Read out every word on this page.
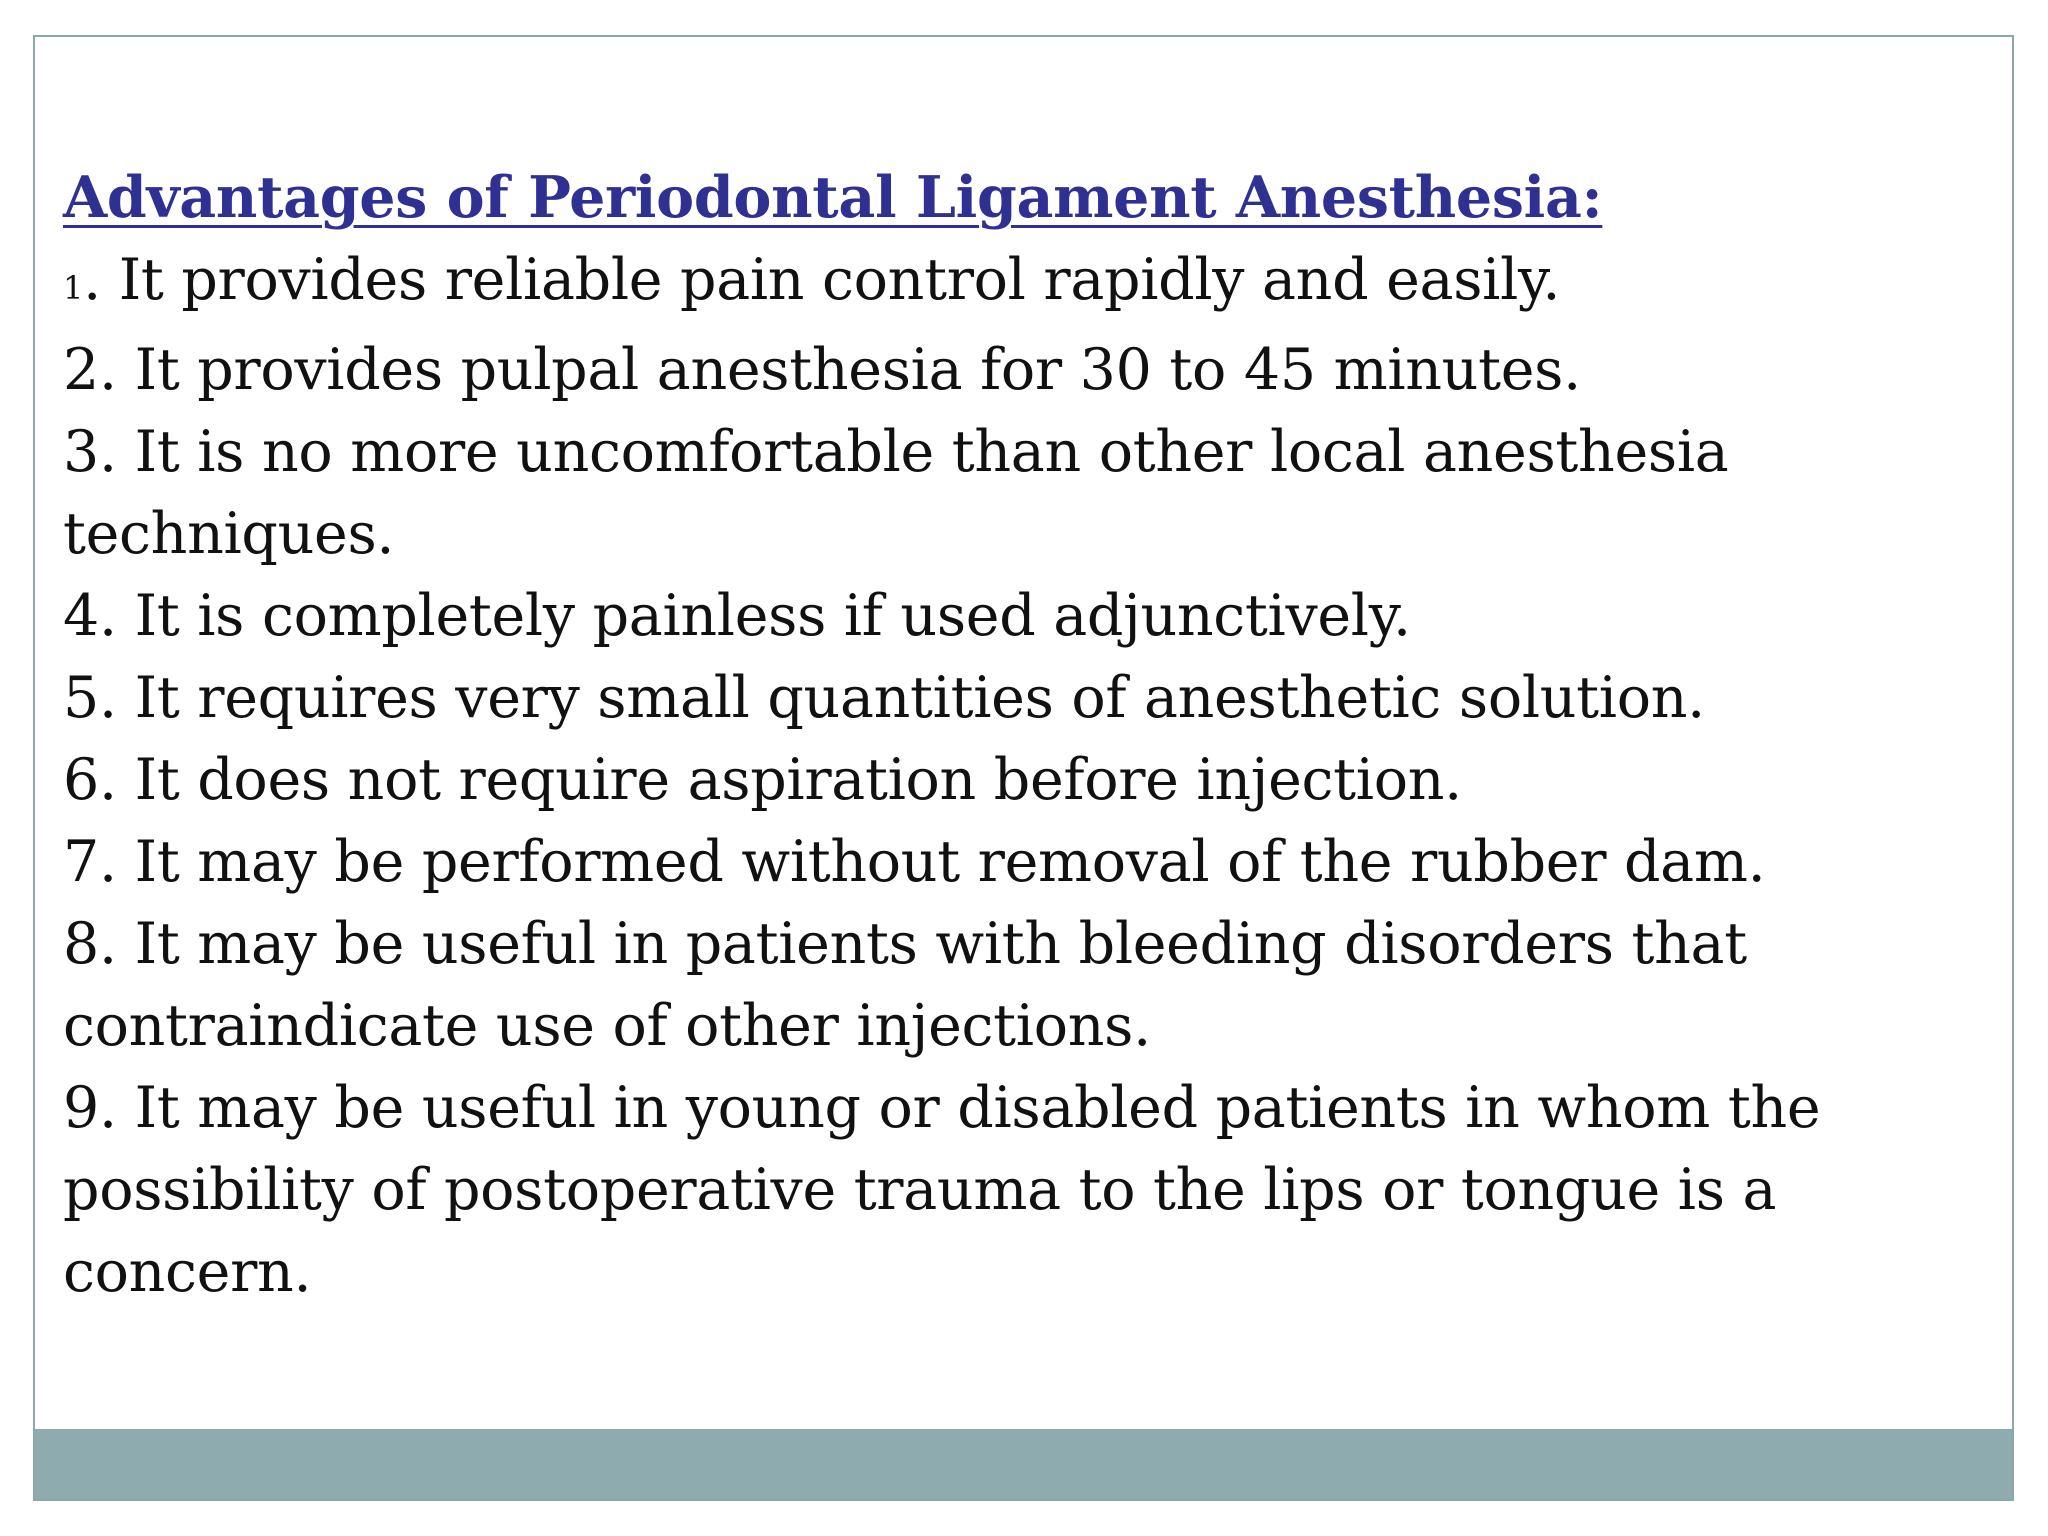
Advantages of Periodontal Ligament Anesthesia:

1. It provides reliable pain control rapidly and easily.

2. It provides pulpal anesthesia for 30 to 45 minutes.

3. It is no more uncomfortable than other local anesthesia techniques.

4. It is completely painless if used adjunctively.

5. It requires very small quantities of anesthetic solution.

6. It does not require aspiration before injection.

7. It may be performed without removal of the rubber dam.

8. It may be useful in patients with bleeding disorders that contraindicate use of other injections.

9. It may be useful in young or disabled patients in whom the possibility of postoperative trauma to the lips or tongue is a concern.
